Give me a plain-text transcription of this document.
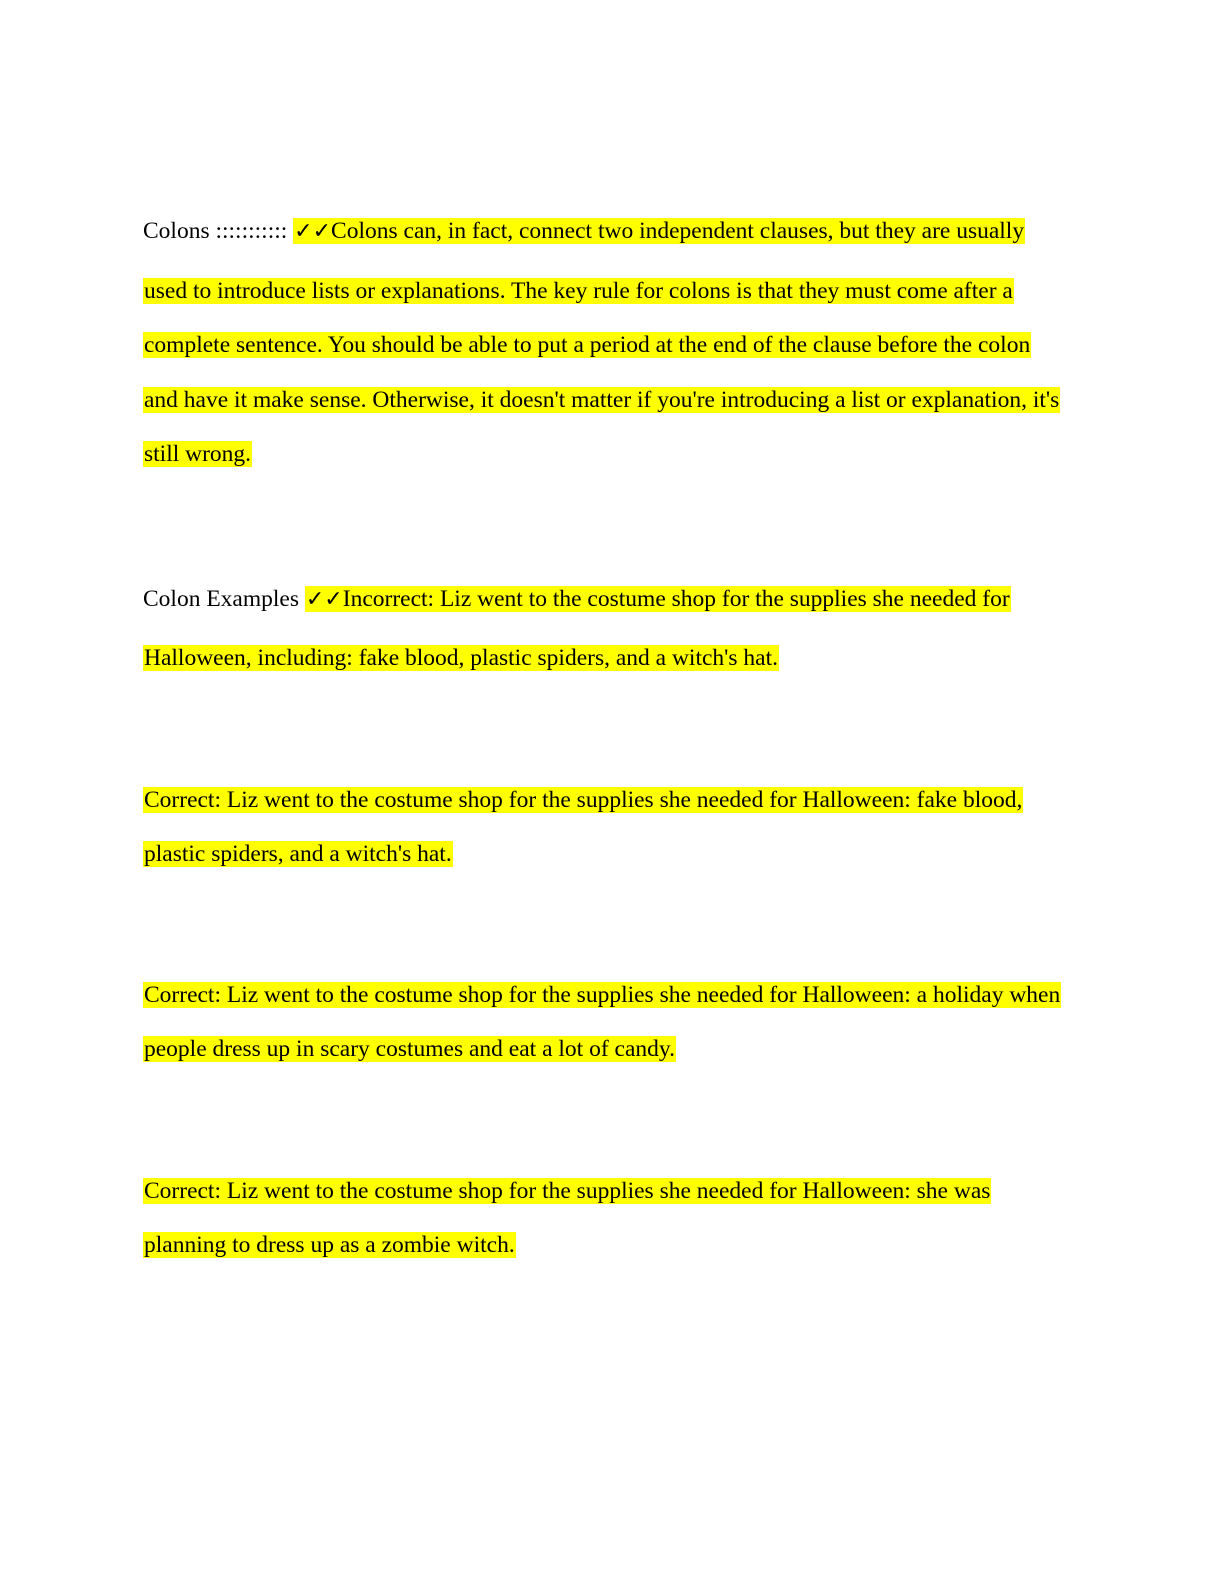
Colons ::::::::::: ✓✓Colons can, in fact, connect two independent clauses, but they are usually
used to introduce lists or explanations. The key rule for colons is that they must come after a
complete sentence. You should be able to put a period at the end of the clause before the colon
and have it make sense. Otherwise, it doesn't matter if you're introducing a list or explanation, it's
still wrong.
Colon Examples ✓✓Incorrect: Liz went to the costume shop for the supplies she needed for
Halloween, including: fake blood, plastic spiders, and a witch's hat.
Correct: Liz went to the costume shop for the supplies she needed for Halloween: fake blood,
plastic spiders, and a witch's hat.
Correct: Liz went to the costume shop for the supplies she needed for Halloween: a holiday when
people dress up in scary costumes and eat a lot of candy.
Correct: Liz went to the costume shop for the supplies she needed for Halloween: she was
planning to dress up as a zombie witch.
